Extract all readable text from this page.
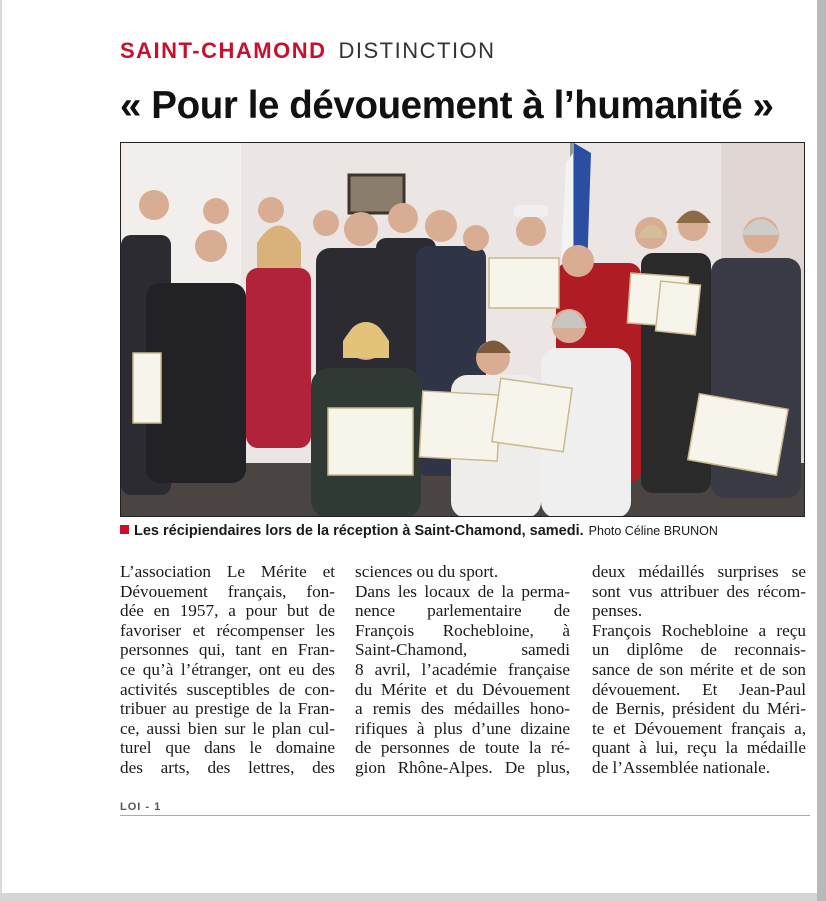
SAINT-CHAMOND DISTINCTION
« Pour le dévouement à l’humanité »
Les récipiendaires lors de la réception à Saint-Chamond, samedi. Photo Céline BRUNON
L’association Le Mérite et
Dévouement français, fon-
dée en 1957, a pour but de
favoriser et récompenser les
personnes qui, tant en Fran-
ce qu’à l’étranger, ont eu des
activités susceptibles de con-
tribuer au prestige de la Fran-
ce, aussi bien sur le plan cul-
turel que dans le domaine
des arts, des lettres, des
sciences ou du sport.
Dans les locaux de la perma-
nence parlementaire de
François Rochebloine, à
Saint-Chamond, samedi
8 avril, l’académie française
du Mérite et du Dévouement
a remis des médailles hono-
rifiques à plus d’une dizaine
de personnes de toute la ré-
gion Rhône-Alpes. De plus,
deux médaillés surprises se
sont vus attribuer des récom-
penses.
François Rochebloine a reçu
un diplôme de reconnais-
sance de son mérite et de son
dévouement. Et Jean-Paul
de Bernis, président du Méri-
te et Dévouement français a,
quant à lui, reçu la médaille
de l’Assemblée nationale.
LOI - 1
